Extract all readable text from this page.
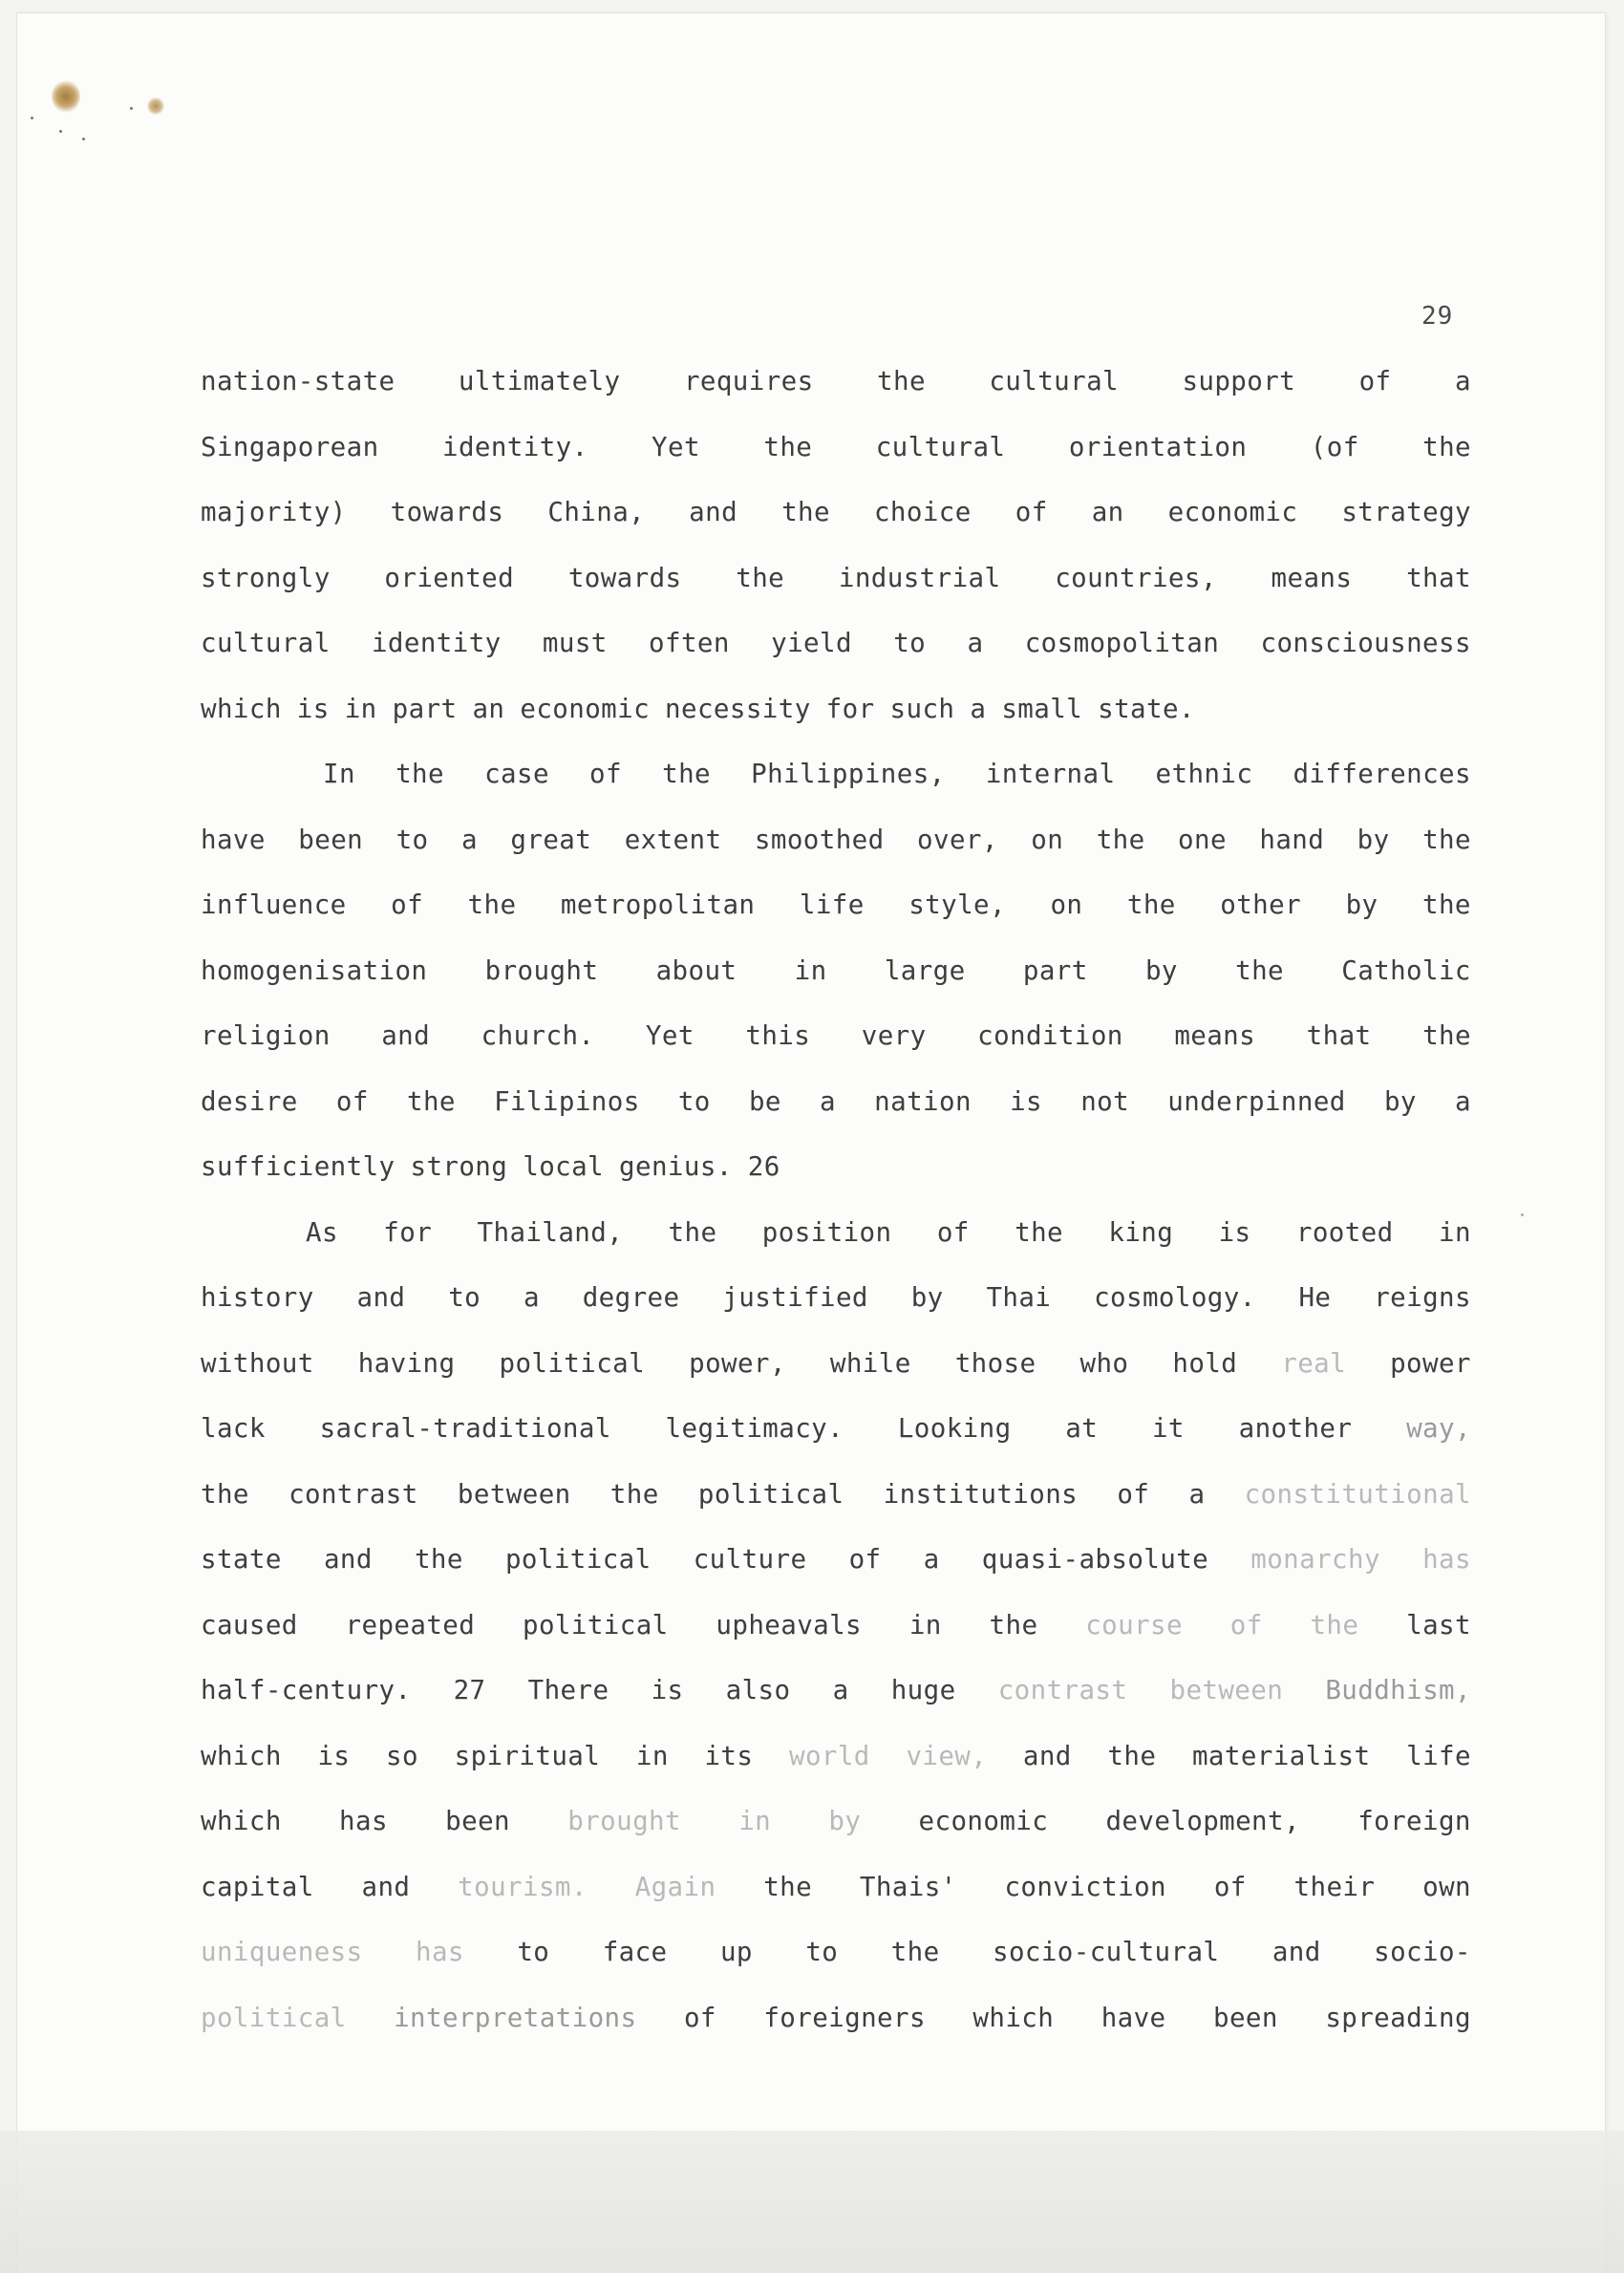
29
nation-state ultimately requires the cultural support of a
Singaporean identity. Yet the cultural orientation (of the
majority) towards China, and the choice of an economic strategy
strongly oriented towards the industrial countries, means that
cultural identity must often yield to a cosmopolitan consciousness
which is in part an economic necessity for such a small state.
In the case of the Philippines, internal ethnic differences
have been to a great extent smoothed over, on the one hand by the
influence of the metropolitan life style, on the other by the
homogenisation brought about in large part by the Catholic
religion and church. Yet this very condition means that the
desire of the Filipinos to be a nation is not underpinned by a
sufficiently strong local genius. 26
As for Thailand, the position of the king is rooted in
history and to a degree justified by Thai cosmology. He reigns
without having political power, while those who hold real power
lack sacral-traditional legitimacy. Looking at it another way,
the contrast between the political institutions of a constitutional
state and the political culture of a quasi-absolute monarchy has
caused repeated political upheavals in the course of the last
half-century. 27 There is also a huge contrast between Buddhism,
which is so spiritual in its world view, and the materialist life
which has been brought in by economic development, foreign
capital and tourism. Again the Thais' conviction of their own
uniqueness has to face up to the socio-cultural and socio-
political interpretations of foreigners which have been spreading
